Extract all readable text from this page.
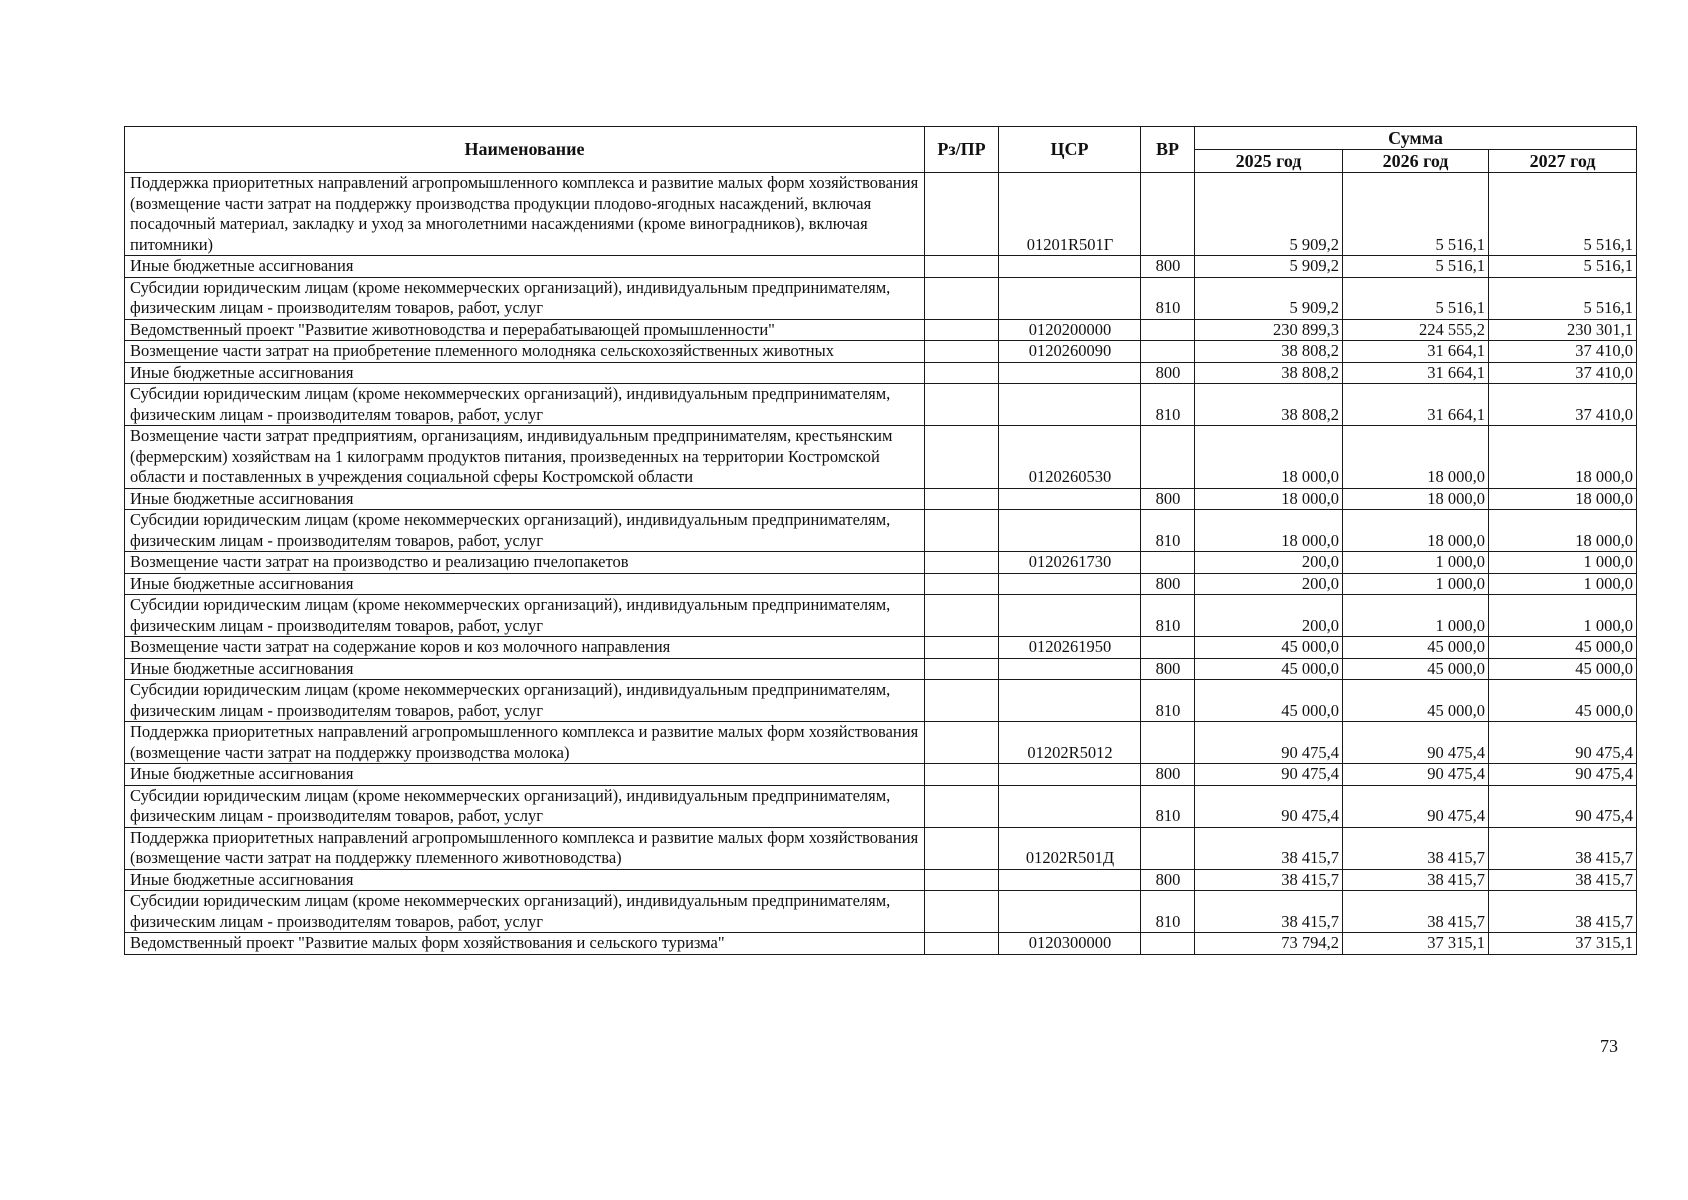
Наименование	Рз/ПР	ЦСР	ВР	Сумма		
				2025 год	2026 год	2027 год
Поддержка приоритетных направлений агропромышленного комплекса и развитие малых форм хозяйствования (возмещение части затрат на поддержку производства продукции плодово-ягодных насаждений, включая посадочный материал, закладку и уход за многолетними насаждениями (кроме виноградников), включая питомники)		01201R501Г		5 909,2	5 516,1	5 516,1
Иные бюджетные ассигнования			800	5 909,2	5 516,1	5 516,1
Субсидии юридическим лицам (кроме некоммерческих организаций), индивидуальным предпринимателям, физическим лицам - производителям товаров, работ, услуг			810	5 909,2	5 516,1	5 516,1
Ведомственный проект "Развитие животноводства и перерабатывающей промышленности"		0120200000		230 899,3	224 555,2	230 301,1
Возмещение части затрат на приобретение племенного молодняка сельскохозяйственных животных		0120260090		38 808,2	31 664,1	37 410,0
Иные бюджетные ассигнования			800	38 808,2	31 664,1	37 410,0
Субсидии юридическим лицам (кроме некоммерческих организаций), индивидуальным предпринимателям, физическим лицам - производителям товаров, работ, услуг			810	38 808,2	31 664,1	37 410,0
Возмещение части затрат предприятиям, организациям, индивидуальным предпринимателям, крестьянским (фермерским) хозяйствам на 1 килограмм продуктов питания, произведенных на территории Костромской области и поставленных в учреждения социальной сферы Костромской области		0120260530		18 000,0	18 000,0	18 000,0
Иные бюджетные ассигнования			800	18 000,0	18 000,0	18 000,0
Субсидии юридическим лицам (кроме некоммерческих организаций), индивидуальным предпринимателям, физическим лицам - производителям товаров, работ, услуг			810	18 000,0	18 000,0	18 000,0
Возмещение части затрат на производство и реализацию пчелопакетов		0120261730		200,0	1 000,0	1 000,0
Иные бюджетные ассигнования			800	200,0	1 000,0	1 000,0
Субсидии юридическим лицам (кроме некоммерческих организаций), индивидуальным предпринимателям, физическим лицам - производителям товаров, работ, услуг			810	200,0	1 000,0	1 000,0
Возмещение части затрат на содержание коров и коз молочного направления		0120261950		45 000,0	45 000,0	45 000,0
Иные бюджетные ассигнования			800	45 000,0	45 000,0	45 000,0
Субсидии юридическим лицам (кроме некоммерческих организаций), индивидуальным предпринимателям, физическим лицам - производителям товаров, работ, услуг			810	45 000,0	45 000,0	45 000,0
Поддержка приоритетных направлений агропромышленного комплекса и развитие малых форм хозяйствования (возмещение части затрат на поддержку производства молока)		01202R5012		90 475,4	90 475,4	90 475,4
Иные бюджетные ассигнования			800	90 475,4	90 475,4	90 475,4
Субсидии юридическим лицам (кроме некоммерческих организаций), индивидуальным предпринимателям, физическим лицам - производителям товаров, работ, услуг			810	90 475,4	90 475,4	90 475,4
Поддержка приоритетных направлений агропромышленного комплекса и развитие малых форм хозяйствования (возмещение части затрат на поддержку племенного животноводства)		01202R501Д		38 415,7	38 415,7	38 415,7
Иные бюджетные ассигнования			800	38 415,7	38 415,7	38 415,7
Субсидии юридическим лицам (кроме некоммерческих организаций), индивидуальным предпринимателям, физическим лицам - производителям товаров, работ, услуг			810	38 415,7	38 415,7	38 415,7
Ведомственный проект "Развитие малых форм хозяйствования и сельского туризма"		0120300000		73 794,2	37 315,1	37 315,1
73
